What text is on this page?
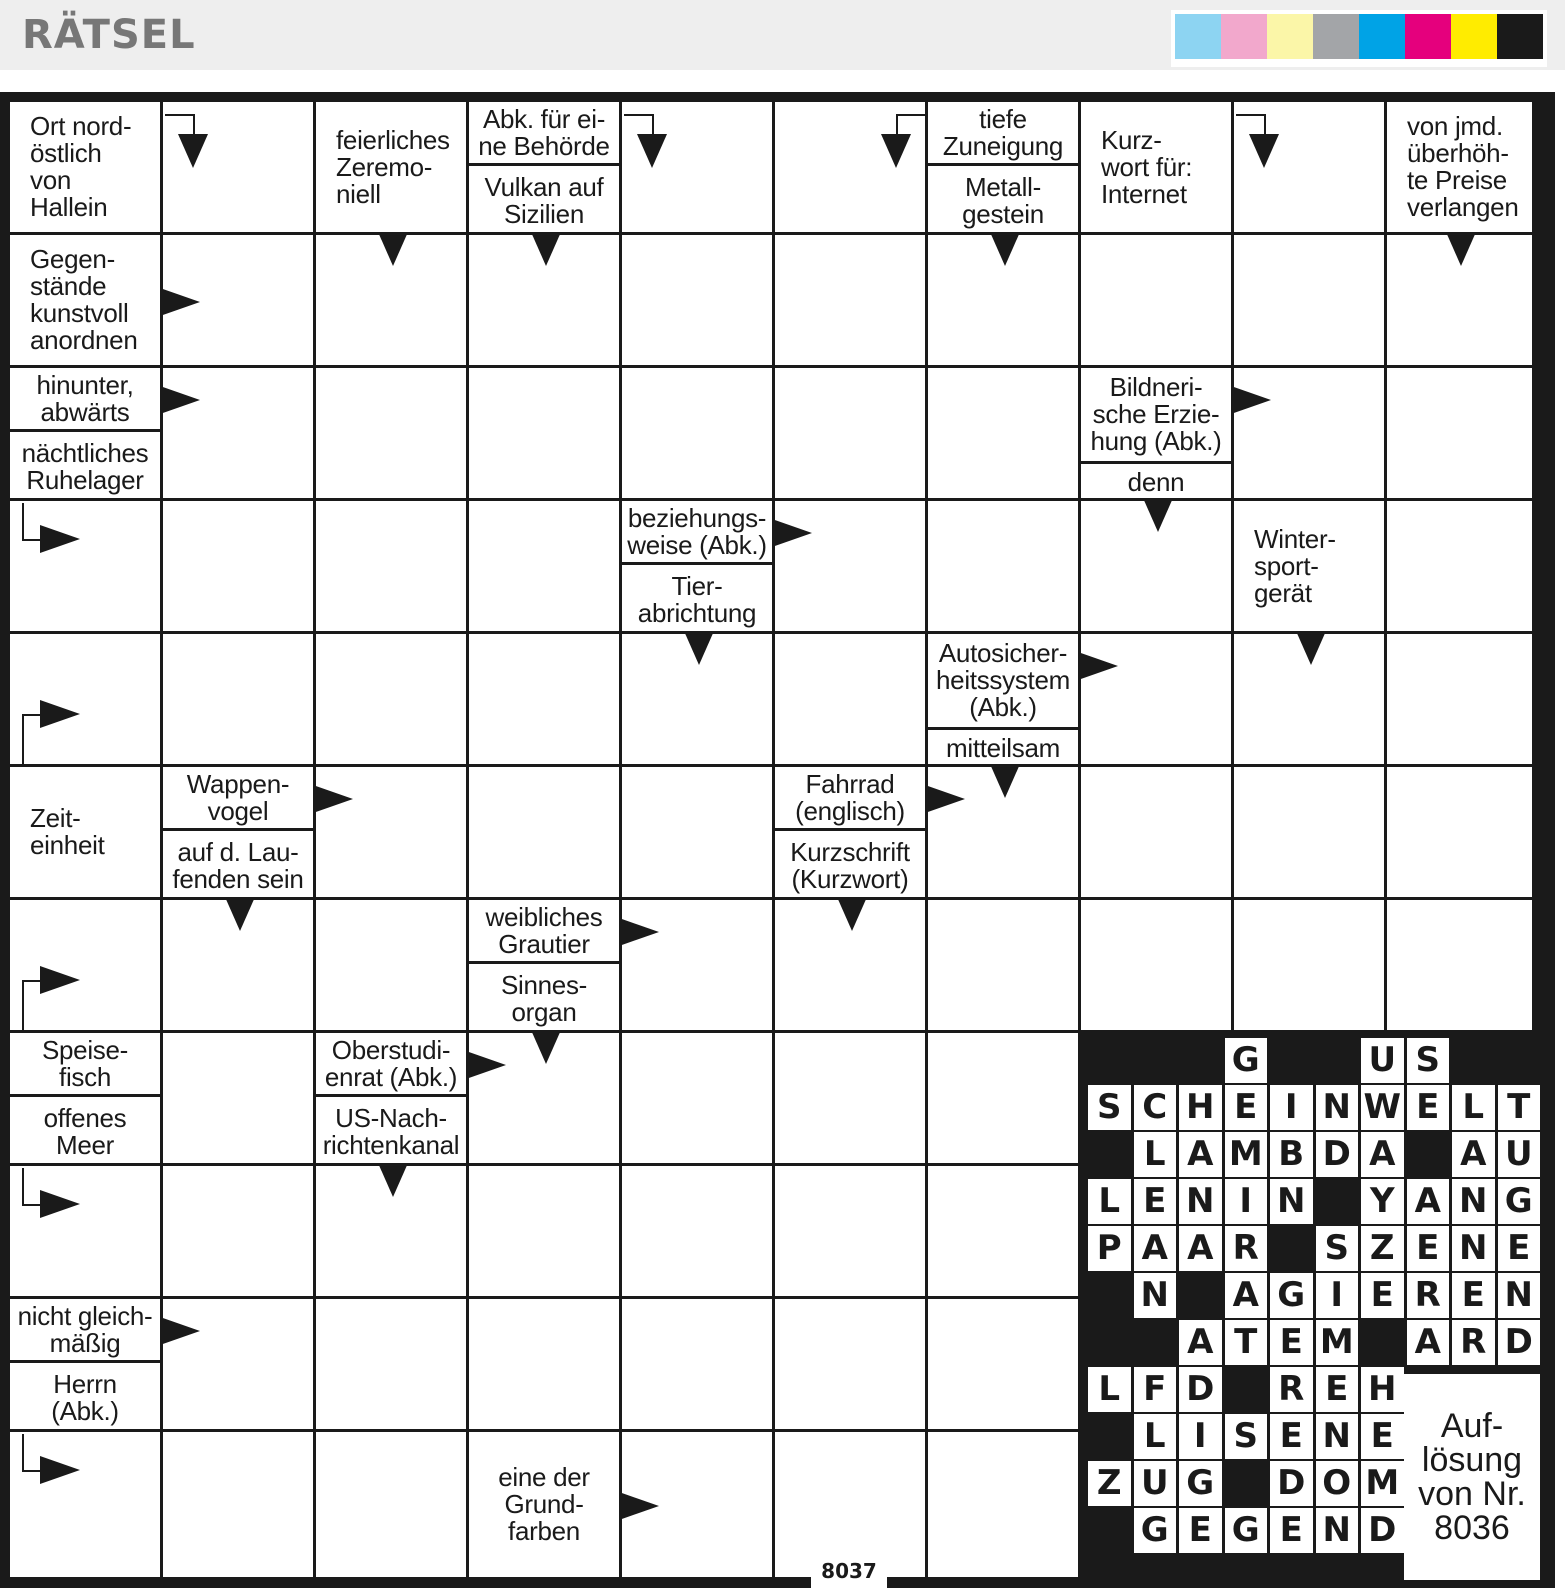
RÄTSEL
Auf-
lösung
von Nr.
8036
G	U S
S C H E I N W E L T
L A M B D A A U
L E N I N Y A N G
P A A R S Z E N E
N A G I E R E N
A T E M A R D
L F D R E H
L I S E N E
Z U G D O M
G E G E N D
Ort nord-
östlich
von
Hallein
feierliches
Zeremo-
niell
Abk. für ei-
ne Behörde
Vulkan auf
Sizilien
tiefe
Zuneigung
Metall-
gestein
Kurz-
wort für:
Internet
von jmd.
überhöh-
te Preise
verlangen
Gegen-
stände
kunstvoll
anordnen
hinunter,
abwärts
nächtliches
Ruhelager
Bildneri-
sche Erzie-
hung (Abk.)
denn
beziehungs-
weise (Abk.)
Tier-
abrichtung
Winter-
sport-
gerät
Autosicher-
heitssystem
(Abk.)
mitteilsam
Zeit-
einheit
Wappen-
vogel
auf d. Lau-
fenden sein
Fahrrad
(englisch)
Kurzschrift
(Kurzwort)
weibliches
Grautier
Sinnes-
organ
Speise-
fisch
offenes
Meer
Oberstudi-
enrat (Abk.)
US-Nach-
richtenkanal
nicht gleich-
mäßig
Herrn
(Abk.)
eine der
Grund-
farben
8037
